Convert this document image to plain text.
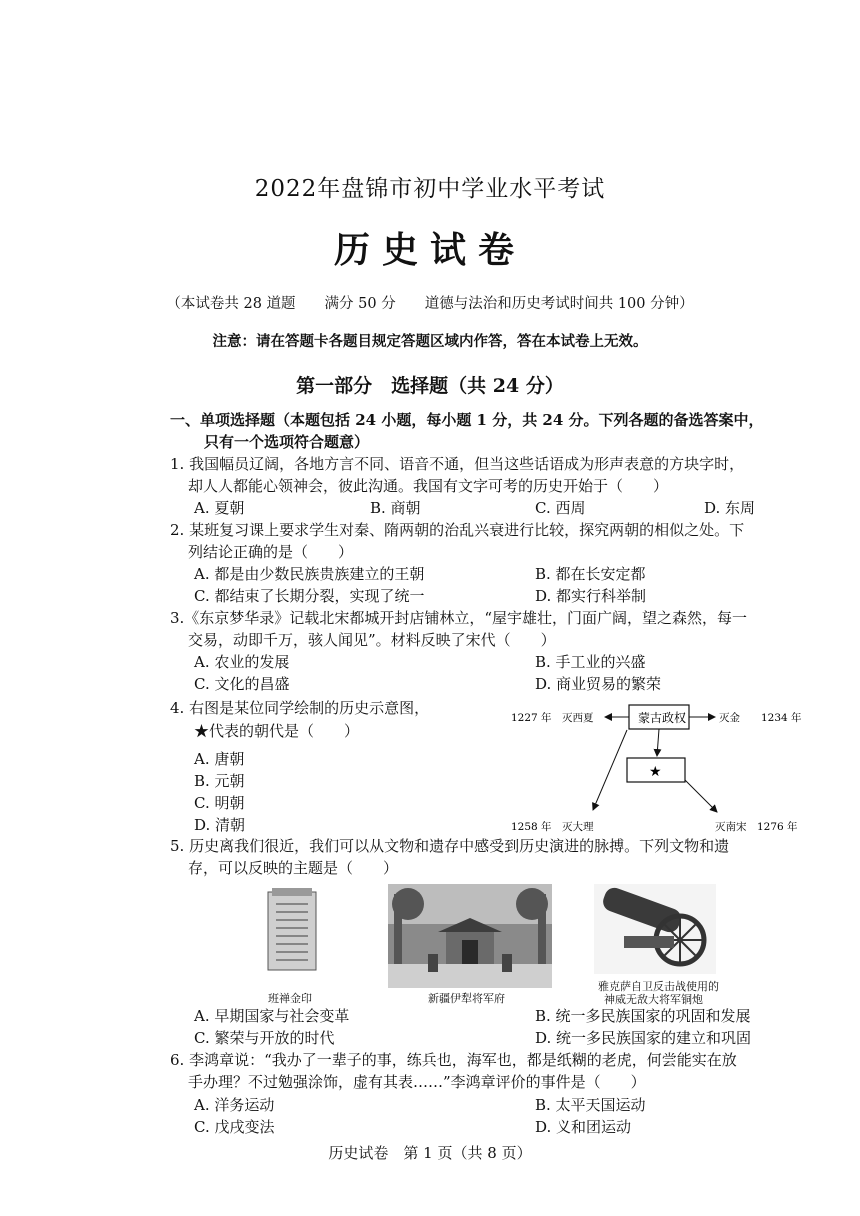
2022年盘锦市初中学业水平考试
历史试卷
（本试卷共 28 道题　　满分 50 分　　道德与法治和历史考试时间共 100 分钟）
注意：请在答题卡各题目规定答题区域内作答，答在本试卷上无效。
第一部分　选择题（共 24 分）
一、单项选择题（本题包括 24 小题，每小题 1 分，共 24 分。下列各题的备选答案中，
只有一个选项符合题意）
1. 我国幅员辽阔，各地方言不同、语音不通，但当这些话语成为形声表意的方块字时，
却人人都能心领神会，彼此沟通。我国有文字可考的历史开始于（　　）
A. 夏朝	B. 商朝	C. 西周	D. 东周
2. 某班复习课上要求学生对秦、隋两朝的治乱兴衰进行比较，探究两朝的相似之处。下
列结论正确的是（　　）
A. 都是由少数民族贵族建立的王朝	B. 都在长安定都
C. 都结束了长期分裂，实现了统一	D. 都实行科举制
3.《东京梦华录》记载北宋都城开封店铺林立，“屋宇雄壮，门面广阔，望之森然，每一
交易，动即千万，骇人闻见”。材料反映了宋代（　　）
A. 农业的发展	B. 手工业的兴盛
C. 文化的昌盛	D. 商业贸易的繁荣
4. 右图是某位同学绘制的历史示意图，
★代表的朝代是（　　）
A. 唐朝
B. 元朝
C. 明朝
D. 清朝
蒙古政权
★
1227 年　灭西夏	灭金　　1234 年
1258 年　灭大理	灭南宋　1276 年
5. 历史离我们很近，我们可以从文物和遗存中感受到历史演进的脉搏。下列文物和遗
存，可以反映的主题是（　　）
班禅金印	新疆伊犁将军府
雅克萨自卫反击战使用的
神威无敌大将军铜炮
A. 早期国家与社会变革	B. 统一多民族国家的巩固和发展
C. 繁荣与开放的时代	D. 统一多民族国家的建立和巩固
6. 李鸿章说：“我办了一辈子的事，练兵也，海军也，都是纸糊的老虎，何尝能实在放
手办理？不过勉强涂饰，虚有其表……”李鸿章评价的事件是（　　）
A. 洋务运动	B. 太平天国运动
C. 戊戌变法	D. 义和团运动
历史试卷　第 1 页（共 8 页）
